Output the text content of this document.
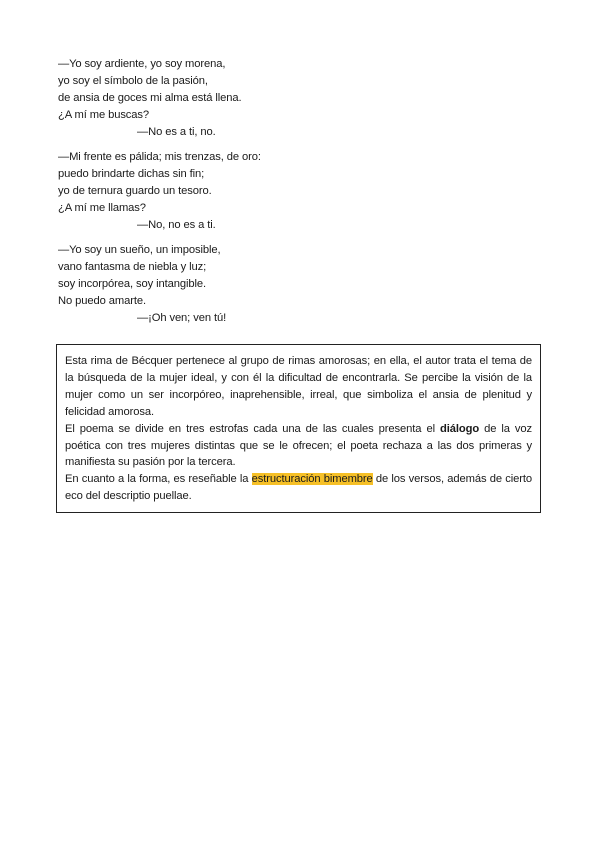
—Yo soy ardiente, yo soy morena,
yo soy el símbolo de la pasión,
de ansia de goces mi alma está llena.
¿A mí me buscas?
—No es a ti, no.
—Mi frente es pálida; mis trenzas, de oro:
puedo brindarte dichas sin fin;
yo de ternura guardo un tesoro.
¿A mí me llamas?
—No, no es a ti.
—Yo soy un sueño, un imposible,
vano fantasma de niebla y luz;
soy incorpórea, soy intangible.
No puedo amarte.
—¡Oh ven; ven tú!

Esta rima de Bécquer pertenece al grupo de rimas amorosas; en ella, el autor trata el tema de la búsqueda de la mujer ideal, y con él la dificultad de encontrarla. Se percibe la visión de la mujer como un ser incorpóreo, inaprehensible, irreal, que simboliza el ansia de plenitud y felicidad amorosa.

El poema se divide en tres estrofas cada una de las cuales presenta el diálogo de la voz poética con tres mujeres distintas que se le ofrecen; el poeta rechaza a las dos primeras y manifiesta su pasión por la tercera.

En cuanto a la forma, es reseñable la estructuración bimembre de los versos, además de cierto eco del descriptio puellae.
